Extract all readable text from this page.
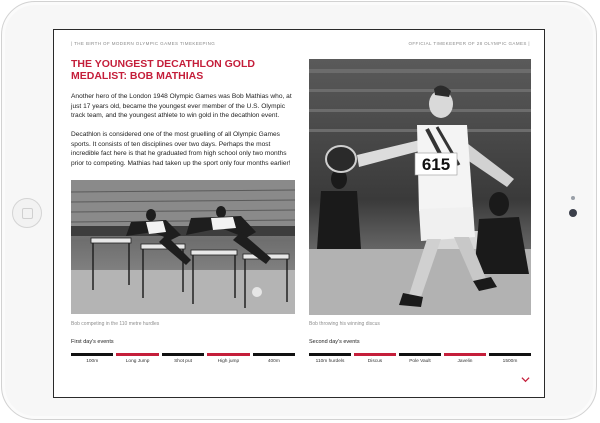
| THE BIRTH OF MODERN OLYMPIC GAMES TIMEKEEPING	OFFICIAL TIMEKEEPER OF 28 OLYMPIC GAMES |
THE YOUNGEST DECATHLON GOLD MEDALIST: BOB MATHIAS
Another hero of the London 1948 Olympic Games was Bob Mathias who, at just 17 years old, became the youngest ever member of the U.S. Olympic track team, and the youngest athlete to win gold in the decathlon event.
Decathlon is considered one of the most gruelling of all Olympic Games sports. It consists of ten disciplines over two days. Perhaps the most incredible fact here is that he graduated from high school only two months prior to competing. Mathias had taken up the sport only four months earlier!	615
Bob competing in the 110 metre hurdles	Bob throwing his winning discus
First day's events	Second day's events
100m	Long Jump	Shot put	High jump	400m	110m hurdels	Discus	Pole Vault	Javelin	1500m
